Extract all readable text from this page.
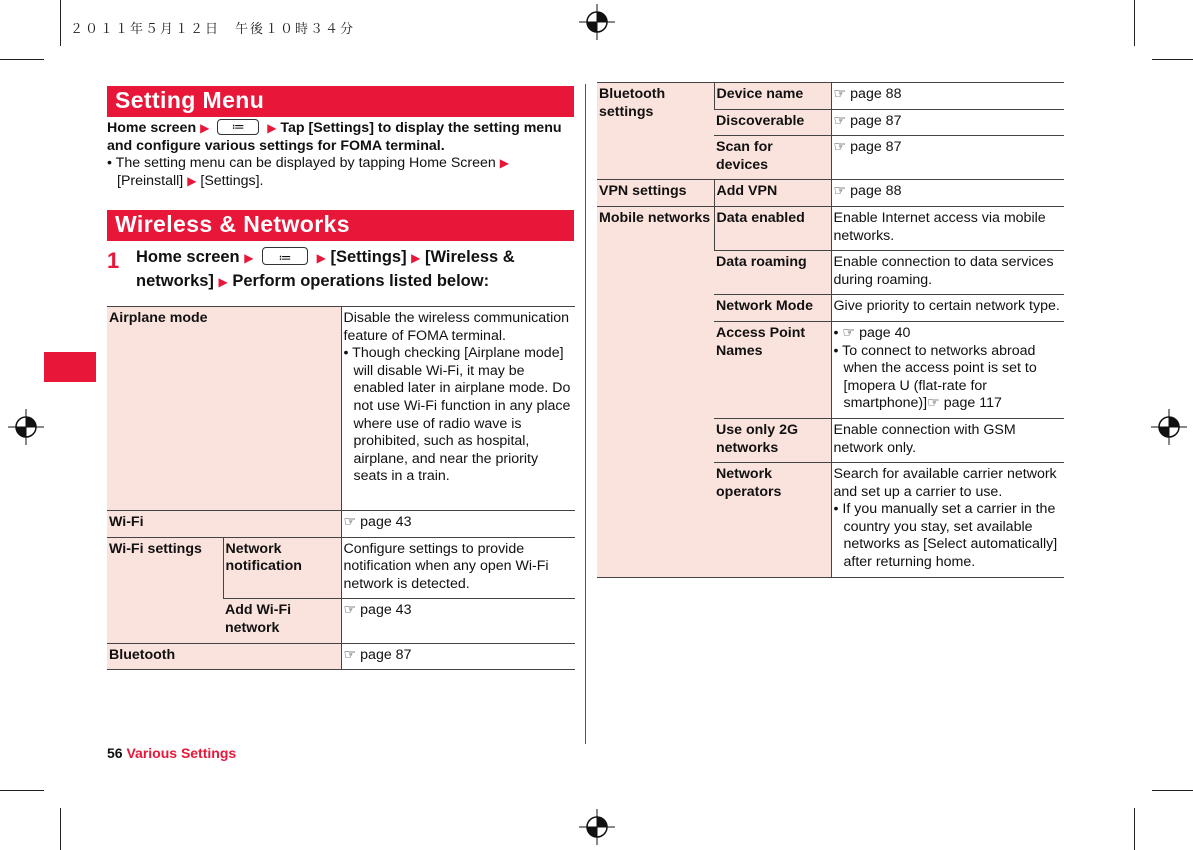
２０１１年５月１２日　午後１０時３４分
Setting Menu
Home screen ▶ ≔	▶ Tap [Settings] to display the setting menu and configure various settings for FOMA terminal.
• The setting menu can be displayed by tapping Home Screen ▶ [Preinstall] ▶ [Settings].
Wireless & Networks
1	Home screen ▶ ≔	▶ [Settings] ▶ [Wireless & networks] ▶ Perform operations listed below:
Airplane mode		Disable the wireless communication feature of FOMA terminal.
• Though checking [Airplane mode] will disable Wi-Fi, it may be enabled later in airplane mode. Do not use Wi-Fi function in any place where use of radio wave is prohibited, such as hospital, airplane, and near the priority seats in a train.

Wi-Fi		☞ page 43
Wi-Fi settings	Network notification	Configure settings to provide notification when any open Wi-Fi network is detected.
	Add Wi-Fi network	☞ page 43
Bluetooth		☞ page 87
Bluetooth settings	Device name	☞ page 88
	Discoverable	☞ page 87
	Scan for devices	☞ page 87
VPN settings	Add VPN	☞ page 88
Mobile networks	Data enabled	Enable Internet access via mobile networks.
	Data roaming	Enable connection to data services during roaming.
	Network Mode	Give priority to certain network type.
	Access Point Names	• ☞ page 40
• To connect to networks abroad when the access point is set to [mopera U (flat-rate for smartphone)] ☞ page 117

	Use only 2G networks	Enable connection with GSM network only.
	Network operators	Search for available carrier network and set up a carrier to use.
• If you manually set a carrier in the country you stay, set available networks as [Select automatically] after returning home.
56 Various Settings
